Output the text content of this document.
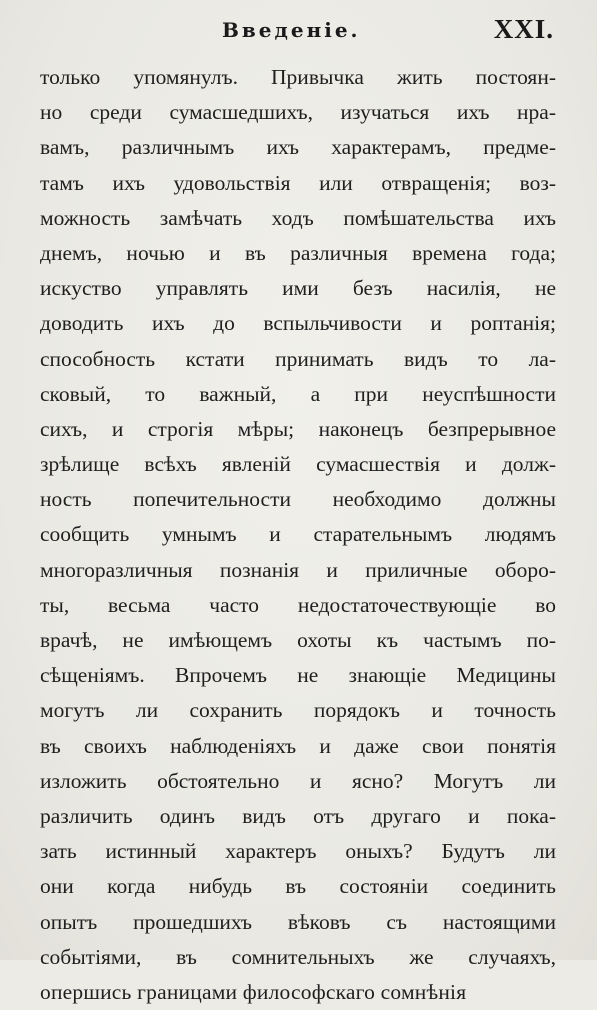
Введенiе.	XXI.
только упомянулъ. Привычка жить постоян-
но среди сумасшедшихъ, изучаться ихъ нра-
вамъ, различнымъ ихъ характерамъ, предме-
тамъ ихъ удовольствiя или отвращенiя; воз-
можность замѣчать ходъ помѣшательства ихъ
днемъ, ночью и въ различныя времена года;
искуство управлять ими безъ насилiя, не
доводить ихъ до вспыльчивости и роптанiя;
способность кстати принимать видъ то ла-
сковый, то важный, а при неуспѣшности
сихъ, и строгiя мѣры; наконецъ безпрерывное
зрѣлище всѣхъ явленiй сумасшествiя и долж-
ность попечительности необходимо должны
сообщить умнымъ и старательнымъ людямъ
многоразличныя познанiя и приличные оборо-
ты, весьма часто недостаточествующiе во
врачѣ, не имѣющемъ охоты къ частымъ по-
сѣщенiямъ. Впрочемъ не знающiе Медицины
могутъ ли сохранить порядокъ и точность
въ своихъ наблюденiяхъ и даже свои понятiя
изложить обстоятельно и ясно? Могутъ ли
различить одинъ видъ отъ другаго и пока-
зать истинный характеръ оныхъ? Будутъ ли
они когда нибудь въ состоянiи соединить
опытъ прошедшихъ вѣковъ съ настоящими
событiями, въ сомнительныхъ же случаяхъ,
опершись границами философскаго сомнѣнiя
